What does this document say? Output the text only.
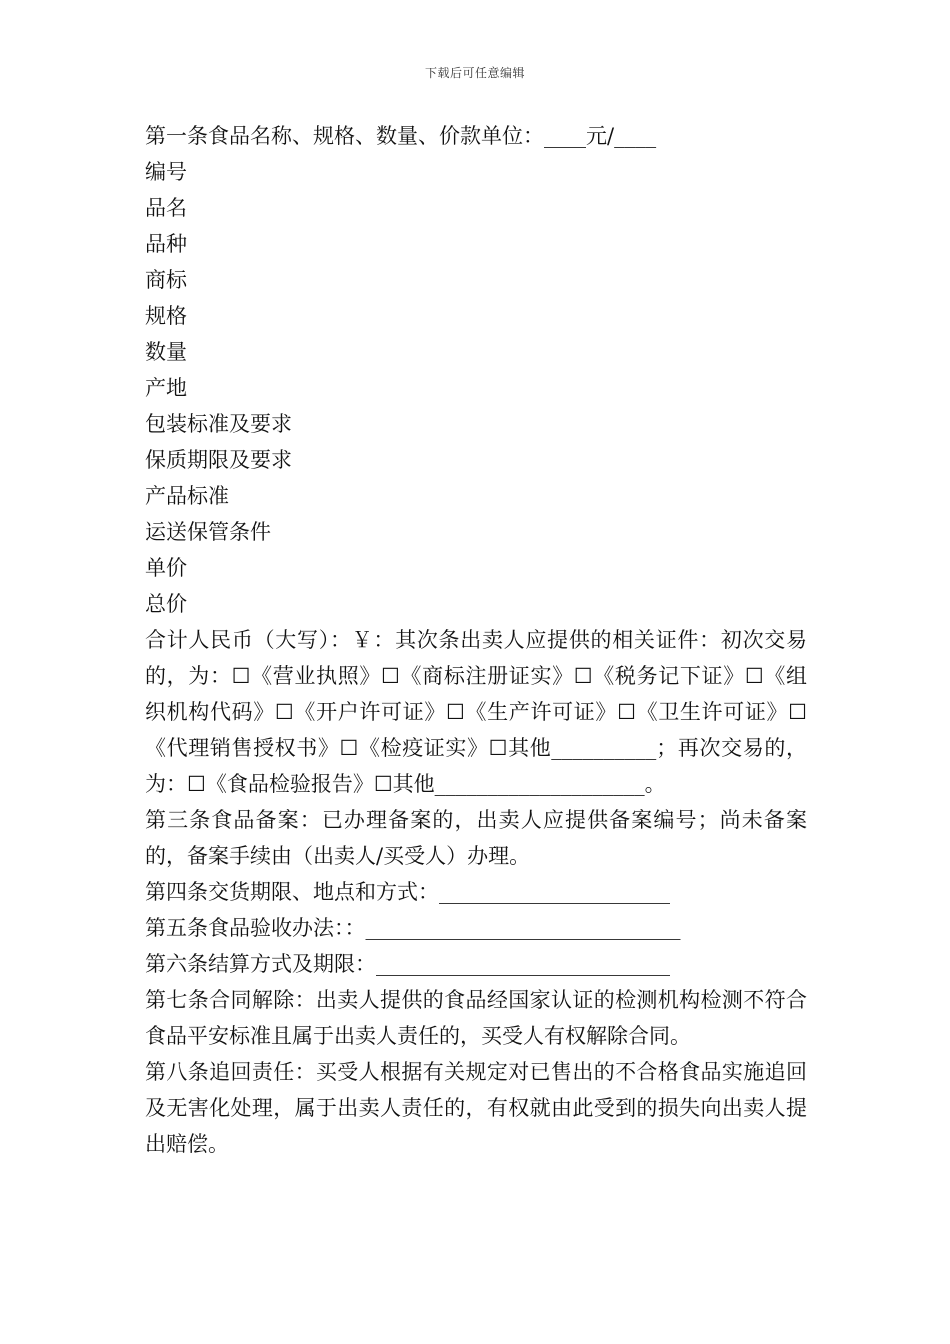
下载后可任意编辑

第一条食品名称、规格、数量、价款单位：____元/____

编号

品名

品种

商标

规格

数量

产地

包装标准及要求

保质期限及要求

产品标准

运送保管条件

单价

总价

合计人民币（大写）：￥：其次条出卖人应提供的相关证件：初次交易的，为：☐《营业执照》☐《商标注册证实》☐《税务记下证》☐《组织机构代码》☐《开户许可证》☐《生产许可证》☐《卫生许可证》☐《代理销售授权书》☐《检疫证实》☐其他__________；再次交易的，为：☐《食品检验报告》☐其他____________________。

第三条食品备案：已办理备案的，出卖人应提供备案编号；尚未备案的，备案手续由（出卖人/买受人）办理。

第四条交货期限、地点和方式：______________________

第五条食品验收办法：：______________________________

第六条结算方式及期限：____________________________

第七条合同解除：出卖人提供的食品经国家认证的检测机构检测不符合食品平安标准且属于出卖人责任的，买受人有权解除合同。

第八条追回责任：买受人根据有关规定对已售出的不合格食品实施追回及无害化处理，属于出卖人责任的，有权就由此受到的损失向出卖人提出赔偿。
